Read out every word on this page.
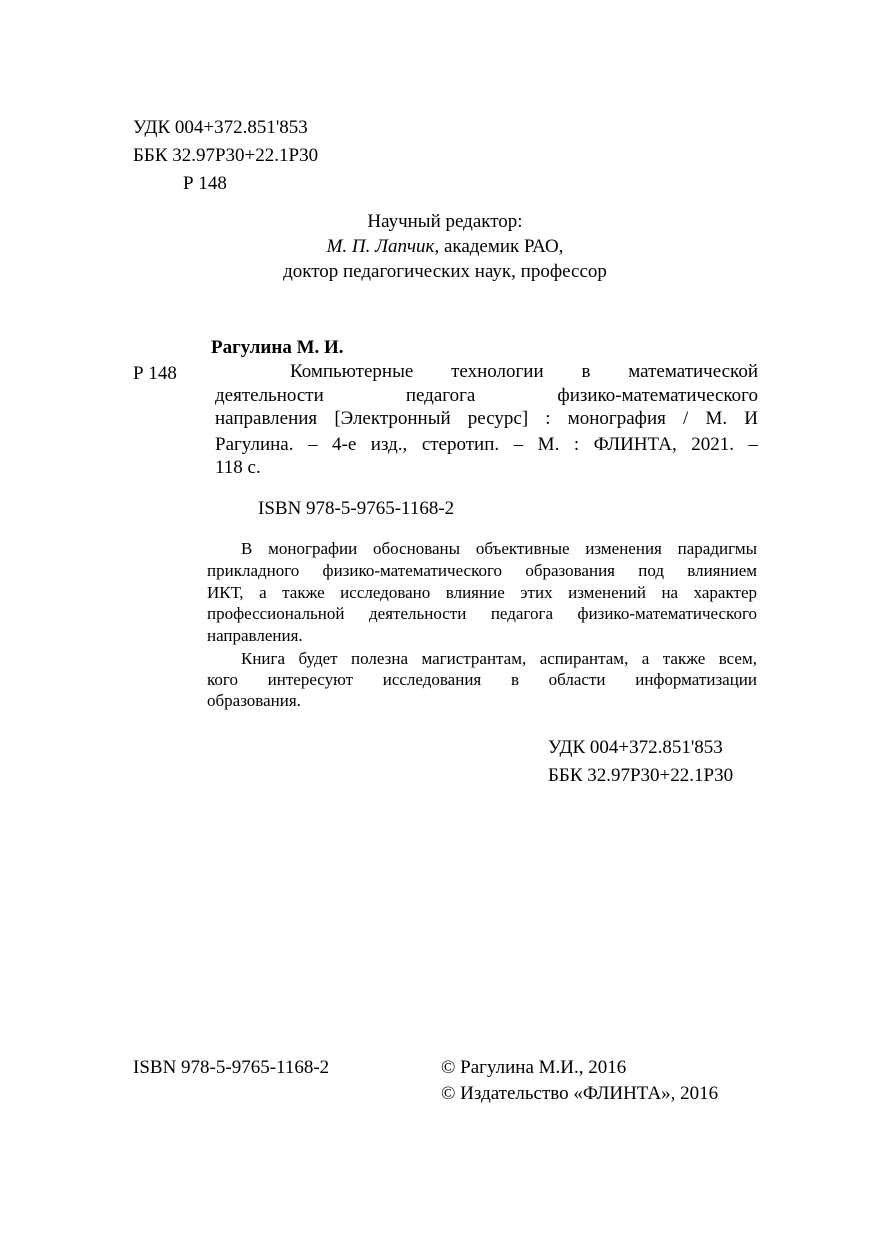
УДК 004+372.851'853
ББК 32.97Р30+22.1Р30
Р 148
Научный редактор:
М. П. Лапчик, академик РАО,
доктор педагогических наук, профессор
Рагулина М. И.
Р 148	Компьютерные технологии в математической
деятельности педагога физико-математического
направления [Электронный ресурс] : монография / М. И
Рагулина. – 4-е изд., стеротип. – М. : ФЛИНТА, 2021. –
118 с.
ISBN 978-5-9765-1168-2
В монографии обоснованы объективные изменения парадигмы
прикладного физико-математического образования под влиянием
ИКТ, а также исследовано влияние этих изменений на характер
профессиональной деятельности педагога физико-математического
направления.
Книга будет полезна магистрантам, аспирантам, а также всем,
кого интересуют исследования в области информатизации
образования.
УДК 004+372.851'853
ББК 32.97Р30+22.1Р30
ISBN 978-5-9765-1168-2	© Рагулина М.И., 2016
© Издательство «ФЛИНТА», 2016
